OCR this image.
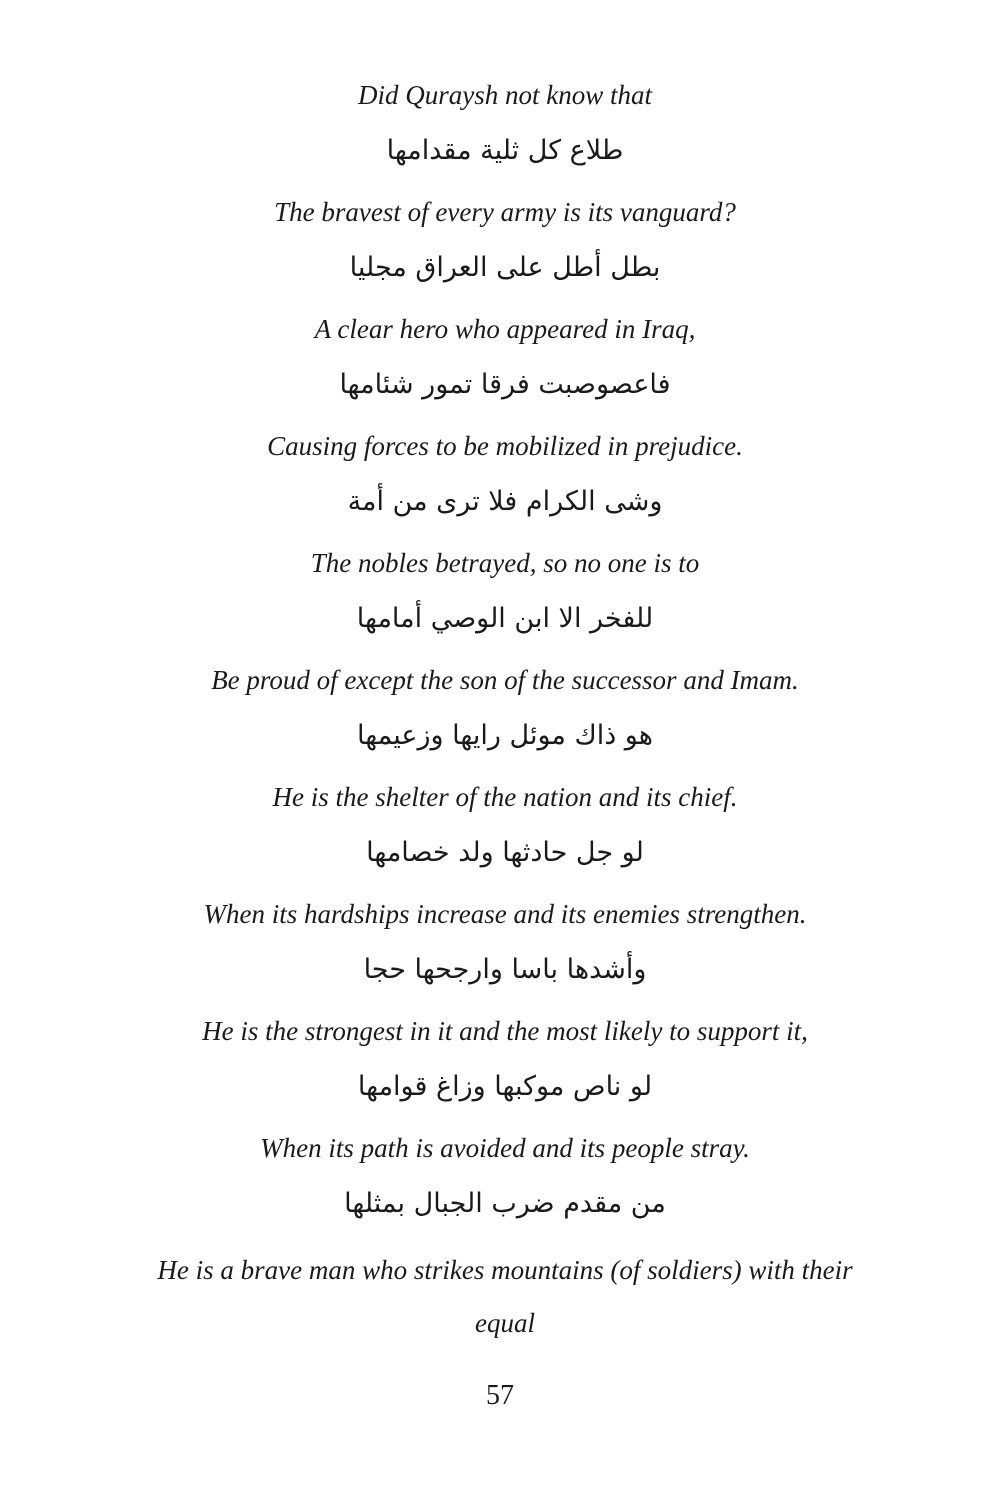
Did Quraysh not know that

طلاع كل ثلية مقدامها

The bravest of every army is its vanguard?

بطل أطل على العراق مجليا

A clear hero who appeared in Iraq,

فاعصوصبت فرقا تمور شئامها

Causing forces to be mobilized in prejudice.

وشى الكرام فلا ترى من أمة

The nobles betrayed, so no one is to

للفخر الا ابن الوصي أمامها

Be proud of except the son of the successor and Imam.

هو ذاك موئل رايها وزعيمها

He is the shelter of the nation and its chief.

لو جل حادثها ولد خصامها

When its hardships increase and its enemies strengthen.

وأشدها باسا وارجحها حجا

He is the strongest in it and the most likely to support it,

لو ناص موكبها وزاغ قوامها

When its path is avoided and its people stray.

من مقدم ضرب الجبال بمثلها

He is a brave man who strikes mountains (of soldiers) with their equal

57
